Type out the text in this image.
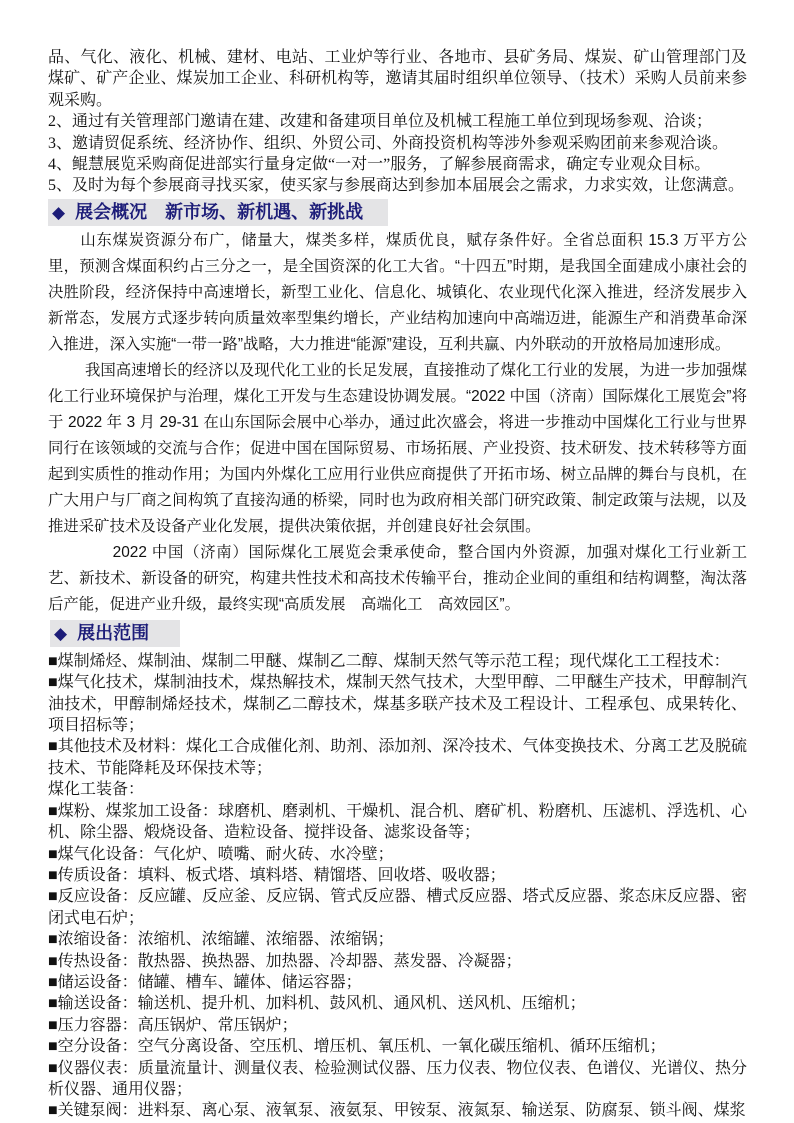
品、气化、液化、机械、建材、电站、工业炉等行业、各地市、县矿务局、煤炭、矿山管理部门及煤矿、矿产企业、煤炭加工企业、科研机构等，邀请其届时组织单位领导、（技术）采购人员前来参观采购。

2、通过有关管理部门邀请在建、改建和备建项目单位及机械工程施工单位到现场参观、洽谈；

3、邀请贸促系统、经济协作、组织、外贸公司、外商投资机构等涉外参观采购团前来参观洽谈。

4、鲲慧展览采购商促进部实行量身定做“一对一”服务，了解参展商需求，确定专业观众目标。

5、及时为每个参展商寻找买家，使买家与参展商达到参加本届展会之需求，力求实效，让您满意。

◆ 展会概况　新市场、新机遇、新挑战

山东煤炭资源分布广，储量大，煤类多样，煤质优良，赋存条件好。全省总面积 15.3 万平方公里，预测含煤面积约占三分之一，是全国资深的化工大省。“十四五”时期，是我国全面建成小康社会的决胜阶段，经济保持中高速增长，新型工业化、信息化、城镇化、农业现代化深入推进，经济发展步入新常态，发展方式逐步转向质量效率型集约增长，产业结构加速向中高端迈进，能源生产和消费革命深入推进，深入实施“一带一路”战略，大力推进“能源”建设，互利共赢、内外联动的开放格局加速形成。

我国高速增长的经济以及现代化工业的长足发展，直接推动了煤化工行业的发展，为进一步加强煤化工行业环境保护与治理，煤化工开发与生态建设协调发展。“2022 中国（济南）国际煤化工展览会”将于 2022 年 3 月 29-31 在山东国际会展中心举办，通过此次盛会，将进一步推动中国煤化工行业与世界同行在该领域的交流与合作；促进中国在国际贸易、市场拓展、产业投资、技术研发、技术转移等方面起到实质性的推动作用；为国内外煤化工应用行业供应商提供了开拓市场、树立品牌的舞台与良机，在广大用户与厂商之间构筑了直接沟通的桥梁，同时也为政府相关部门研究政策、制定政策与法规，以及推进采矿技术及设备产业化发展，提供决策依据，并创建良好社会氛围。

2022 中国（济南）国际煤化工展览会秉承使命，整合国内外资源，加强对煤化工行业新工艺、新技术、新设备的研究，构建共性技术和高技术传输平台，推动企业间的重组和结构调整，淘汰落后产能，促进产业升级，最终实现“高质发展　高端化工　高效园区”。

◆ 展出范围

■煤制烯烃、煤制油、煤制二甲醚、煤制乙二醇、煤制天然气等示范工程；现代煤化工工程技术：

■煤气化技术，煤制油技术，煤热解技术，煤制天然气技术，大型甲醇、二甲醚生产技术，甲醇制汽油技术，甲醇制烯烃技术，煤制乙二醇技术，煤基多联产技术及工程设计、工程承包、成果转化、项目招标等；

■其他技术及材料：煤化工合成催化剂、助剂、添加剂、深冷技术、气体变换技术、分离工艺及脱硫技术、节能降耗及环保技术等；

煤化工装备：

■煤粉、煤浆加工设备：球磨机、磨剥机、干燥机、混合机、磨矿机、粉磨机、压滤机、浮选机、心机、除尘器、煅烧设备、造粒设备、搅拌设备、滤浆设备等；

■煤气化设备：气化炉、喷嘴、耐火砖、水冷壁；

■传质设备：填料、板式塔、填料塔、精馏塔、回收塔、吸收器；

■反应设备：反应罐、反应釜、反应锅、管式反应器、槽式反应器、塔式反应器、浆态床反应器、密闭式电石炉；

■浓缩设备：浓缩机、浓缩罐、浓缩器、浓缩锅；

■传热设备：散热器、换热器、加热器、冷却器、蒸发器、冷凝器；

■储运设备：储罐、槽车、罐体、储运容器；

■输送设备：输送机、提升机、加料机、鼓风机、通风机、送风机、压缩机；

■压力容器：高压锅炉、常压锅炉；

■空分设备：空气分离设备、空压机、增压机、氧压机、一氧化碳压缩机、循环压缩机；

■仪器仪表：质量流量计、测量仪表、检验测试仪器、压力仪表、物位仪表、色谱仪、光谱仪、热分析仪器、通用仪器；

■关键泵阀：进料泵、离心泵、液氧泵、液氨泵、甲铵泵、液氮泵、输送泵、防腐泵、锁斗阀、煤浆
